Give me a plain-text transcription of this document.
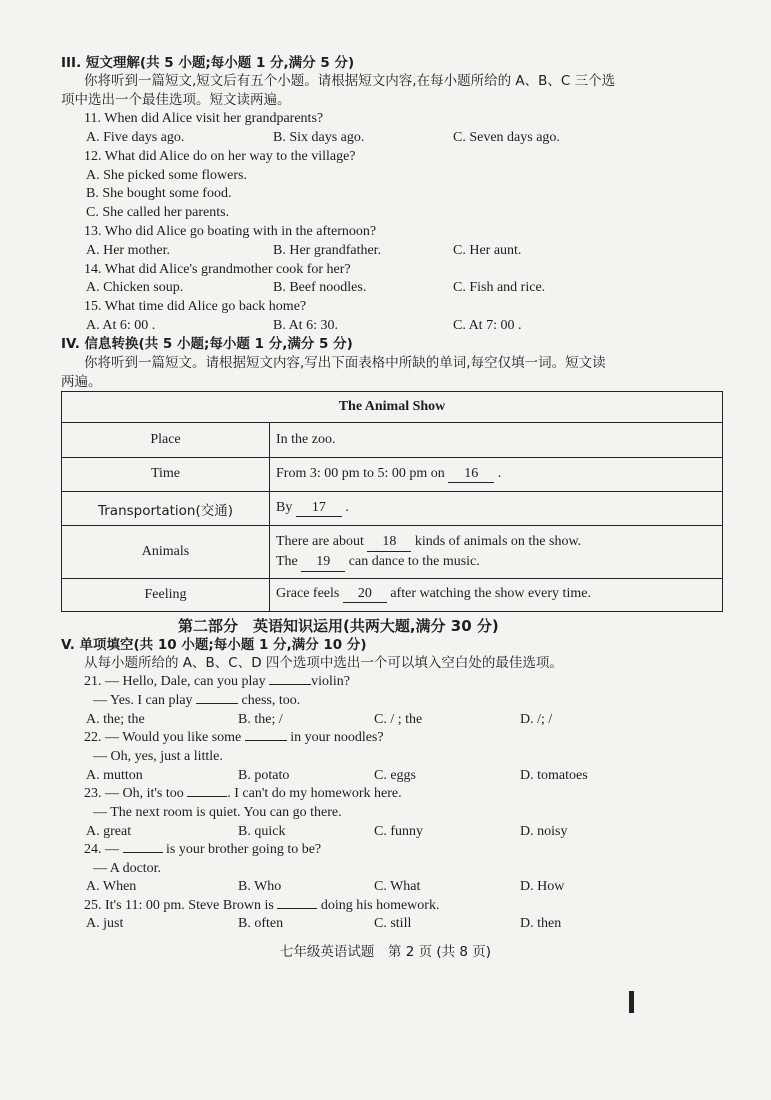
III. 短文理解(共 5 小题;每小题 1 分,满分 5 分)
你将听到一篇短文,短文后有五个小题。请根据短文内容,在每小题所给的 A、B、C 三个选
项中选出一个最佳选项。短文读两遍。
11. When did Alice visit her grandparents?
A. Five days ago.	B. Six days ago.	C. Seven days ago.
12. What did Alice do on her way to the village?
A. She picked some flowers.
B. She bought some food.
C. She called her parents.
13. Who did Alice go boating with in the afternoon?
A. Her mother.	B. Her grandfather.	C. Her aunt.
14. What did Alice's grandmother cook for her?
A. Chicken soup.	B. Beef noodles.	C. Fish and rice.
15. What time did Alice go back home?
A. At 6: 00 .	B. At 6: 30.	C. At 7: 00 .
IV. 信息转换(共 5 小题;每小题 1 分,满分 5 分)
你将听到一篇短文。请根据短文内容,写出下面表格中所缺的单词,每空仅填一词。短文读
两遍。
The Animal Show	
Place	In the zoo.
Time	From 3: 00 pm to 5: 00 pm on 16 .
Transportation(交通)	By 17 .
Animals	There are about 18 kinds of animals on the show.
The 19 can dance to the music.

Feeling	Grace feels 20 after watching the show every time.
第二部分　英语知识运用(共两大题,满分 30 分)
V. 单项填空(共 10 小题;每小题 1 分,满分 10 分)
从每小题所给的 A、B、C、D 四个选项中选出一个可以填入空白处的最佳选项。
21. — Hello, Dale, can you play	violin?
— Yes. I can play	chess, too.
A. the; the	B. the; /	C. / ; the	D. /; /
22. — Would you like some	in your noodles?
— Oh, yes, just a little.
A. mutton	B. potato	C. eggs	D. tomatoes
23. — Oh, it's too	. I can't do my homework here.
— The next room is quiet. You can go there.
A. great	B. quick	C. funny	D. noisy
24. —	is your brother going to be?
— A doctor.
A. When	B. Who	C. What	D. How
25. It's 11: 00 pm. Steve Brown is	doing his homework.
A. just	B. often	C. still	D. then
七年级英语试题　第 2 页 (共 8 页)
